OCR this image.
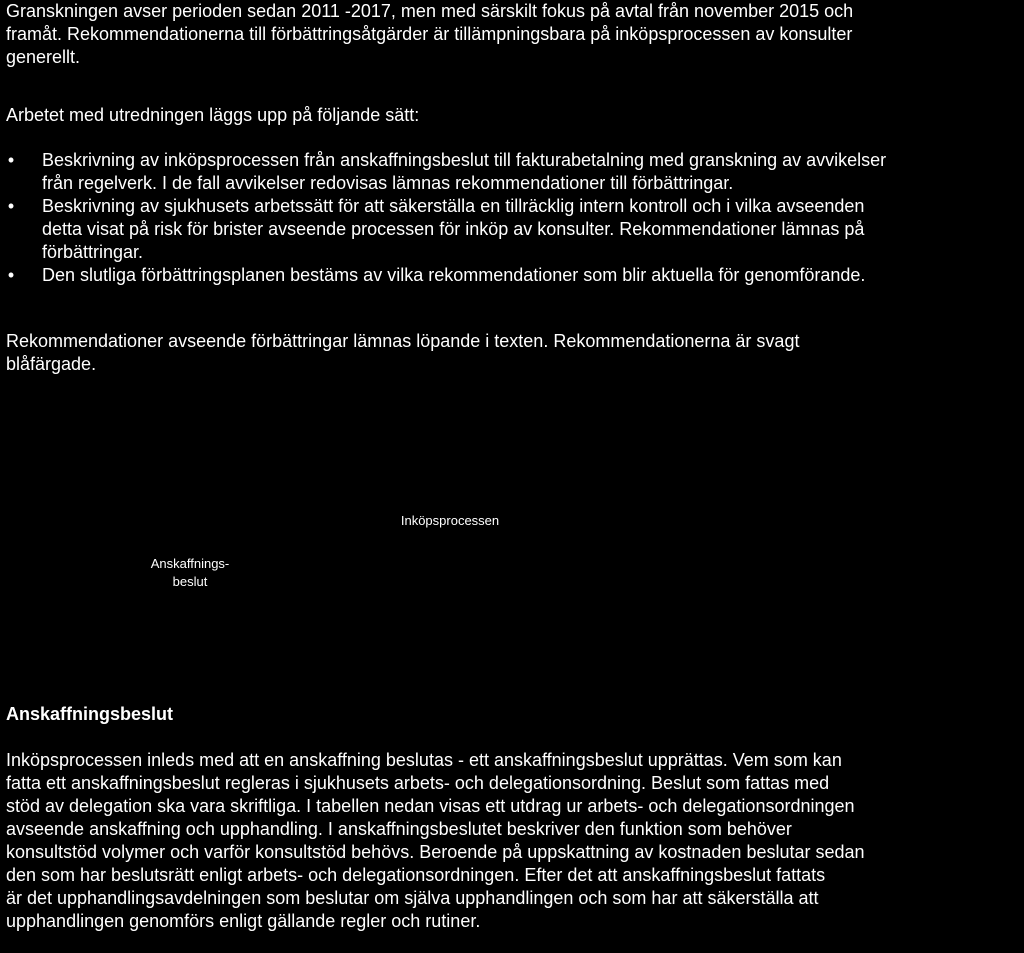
Granskningen avser perioden sedan 2011 -2017, men med särskilt fokus på avtal från november 2015 och
framåt. Rekommendationerna till förbättringsåtgärder är tillämpningsbara på inköpsprocessen av konsulter
generellt.

Arbetet med utredningen läggs upp på följande sätt:

• Beskrivning av inköpsprocessen från anskaffningsbeslut till fakturabetalning med granskning av avvikelser
från regelverk. I de fall avvikelser redovisas lämnas rekommendationer till förbättringar.
• Beskrivning av sjukhusets arbetssätt för att säkerställa en tillräcklig intern kontroll och i vilka avseenden
detta visat på risk för brister avseende processen för inköp av konsulter. Rekommendationer lämnas på
förbättringar.
• Den slutliga förbättringsplanen bestäms av vilka rekommendationer som blir aktuella för genomförande.

Rekommendationer avseende förbättringar lämnas löpande i texten. Rekommendationerna är svagt
blåfärgade.

Inköpsprocessen
Anskaffnings-
beslut
Anskaffningsbeslut

Inköpsprocessen inleds med att en anskaffning beslutas - ett anskaffningsbeslut upprättas. Vem som kan
fatta ett anskaffningsbeslut regleras i sjukhusets arbets- och delegationsordning. Beslut som fattas med
stöd av delegation ska vara skriftliga. I tabellen nedan visas ett utdrag ur arbets- och delegationsordningen
avseende anskaffning och upphandling. I anskaffningsbeslutet beskriver den funktion som behöver
konsultstöd volymer och varför konsultstöd behövs. Beroende på uppskattning av kostnaden beslutar sedan
den som har beslutsrätt enligt arbets- och delegationsordningen. Efter det att anskaffningsbeslut fattats
är det upphandlingsavdelningen som beslutar om själva upphandlingen och som har att säkerställa att
upphandlingen genomförs enligt gällande regler och rutiner.
